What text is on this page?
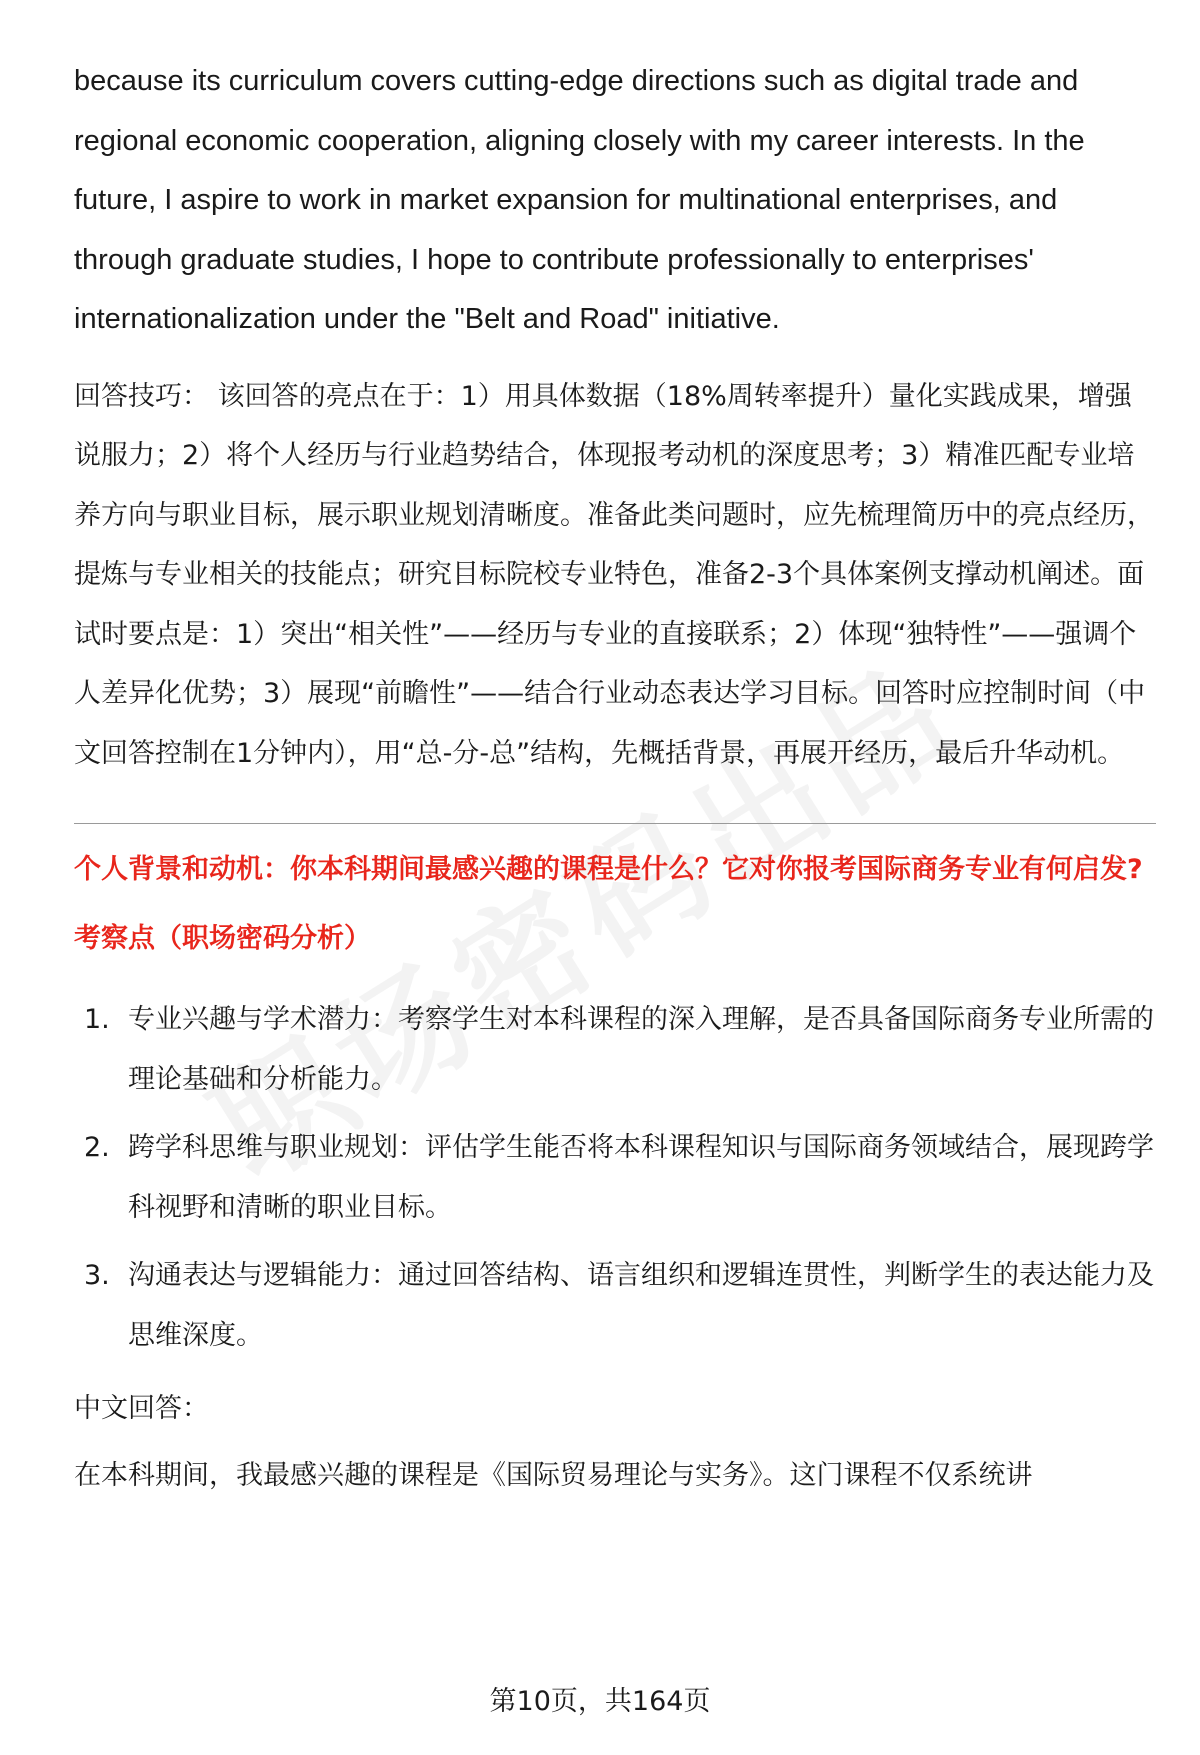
because its curriculum covers cutting-edge directions such as digital trade and regional economic cooperation, aligning closely with my career interests. In the future, I aspire to work in market expansion for multinational enterprises, and through graduate studies, I hope to contribute professionally to enterprises' internationalization under the "Belt and Road" initiative.

回答技巧： 该回答的亮点在于：1）用具体数据（18%周转率提升）量化实践成果，增强说服力；2）将个人经历与行业趋势结合，体现报考动机的深度思考；3）精准匹配专业培养方向与职业目标，展示职业规划清晰度。准备此类问题时，应先梳理简历中的亮点经历，提炼与专业相关的技能点；研究目标院校专业特色，准备2-3个具体案例支撑动机阐述。面试时要点是：1）突出“相关性”——经历与专业的直接联系；2）体现“独特性”——强调个人差异化优势；3）展现“前瞻性”——结合行业动态表达学习目标。回答时应控制时间（中文回答控制在1分钟内），用“总-分-总”结构，先概括背景，再展开经历，最后升华动机。

个人背景和动机：你本科期间最感兴趣的课程是什么？它对你报考国际商务专业有何启发?

考察点（职场密码分析）

1. 专业兴趣与学术潜力：考察学生对本科课程的深入理解，是否具备国际商务专业所需的理论基础和分析能力。
2. 跨学科思维与职业规划：评估学生能否将本科课程知识与国际商务领域结合，展现跨学科视野和清晰的职业目标。
3. 沟通表达与逻辑能力：通过回答结构、语言组织和逻辑连贯性，判断学生的表达能力及思维深度。

中文回答：

在本科期间，我最感兴趣的课程是《国际贸易理论与实务》。这门课程不仅系统讲

第10页，共164页
